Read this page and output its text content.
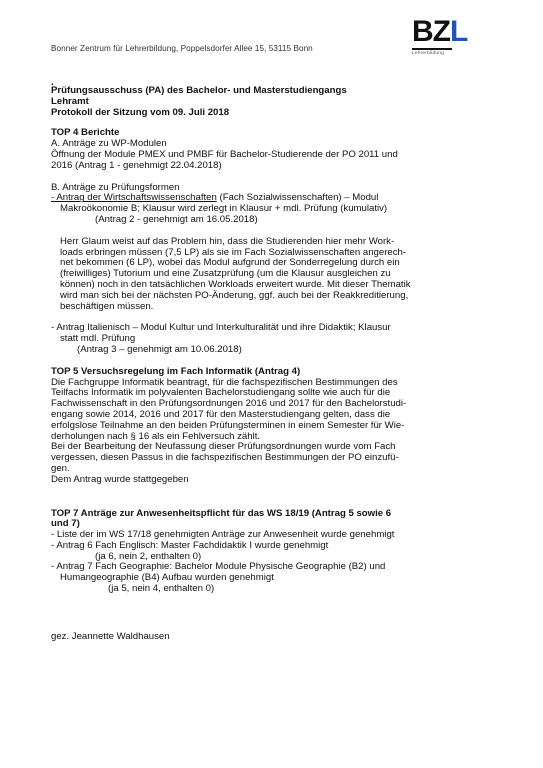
Bonner Zentrum für Lehrerbildung, Poppelsdorfer Allee 15, 53115 Bonn
BZL
Lehrerbildung
.
Prüfungsausschuss (PA) des Bachelor- und Masterstudiengangs
Lehramt
Protokoll der Sitzung vom 09. Juli 2018
TOP 4 Berichte
A. Anträge zu WP-Modulen
Öffnung der Module PMEX und PMBF für Bachelor-Studierende der PO 2011 und
2016 (Antrag 1 - genehmigt 22.04.2018)
B. Anträge zu Prüfungsformen
- Antrag der Wirtschaftswissenschaften (Fach Sozialwissenschaften) – Modul
Makroökonomie B; Klausur wird zerlegt in Klausur + mdl. Prüfung (kumulativ)
(Antrag 2 - genehmigt am 16.05.2018)
Herr Glaum weist auf das Problem hin, dass die Studierenden hier mehr Work-
loads erbringen müssen (7,5 LP) als sie im Fach Sozialwissenschaften angerech-
net bekommen (6 LP), wobei das Modul aufgrund der Sonderregelung durch ein
(freiwilliges) Tutorium und eine Zusatzprüfung (um die Klausur ausgleichen zu
können) noch in den tatsächlichen Workloads erweitert wurde. Mit dieser Thematik
wird man sich bei der nächsten PO-Änderung, ggf. auch bei der Reakkreditierung,
beschäftigen müssen.
- Antrag Italienisch – Modul Kultur und Interkulturalität und ihre Didaktik; Klausur
statt mdl. Prüfung
(Antrag 3 – genehmigt am 10.06.2018)
TOP 5 Versuchsregelung im Fach Informatik (Antrag 4)
Die Fachgruppe Informatik beantragt, für die fachspezifischen Bestimmungen des
Teilfachs Informatik im polyvalenten Bachelorstudiengang sollte wie auch für die
Fachwissenschaft in den Prüfungsordnungen 2016 und 2017 für den Bachelorstudi-
engang sowie 2014, 2016 und 2017 für den Masterstudiengang gelten, dass die
erfolgslose Teilnahme an den beiden Prüfungsterminen in einem Semester für Wie-
derholungen nach § 16 als ein Fehlversuch zählt.
Bei der Bearbeitung der Neufassung dieser Prüfungsordnungen wurde vom Fach
vergessen, diesen Passus in die fachspezifischen Bestimmungen der PO einzufü-
gen.
Dem Antrag wurde stattgegeben
TOP 7 Anträge zur Anwesenheitspflicht für das WS 18/19 (Antrag 5 sowie 6
und 7)
- Liste der im WS 17/18 genehmigten Anträge zur Anwesenheit wurde genehmigt
- Antrag 6 Fach Englisch: Master Fachdidaktik I wurde genehmigt
(ja 6, nein 2, enthalten 0)
- Antrag 7 Fach Geographie: Bachelor Module Physische Geographie (B2) und
Humangeographie (B4) Aufbau wurden genehmigt
(ja 5, nein 4, enthalten 0)
gez. Jeannette Waldhausen
